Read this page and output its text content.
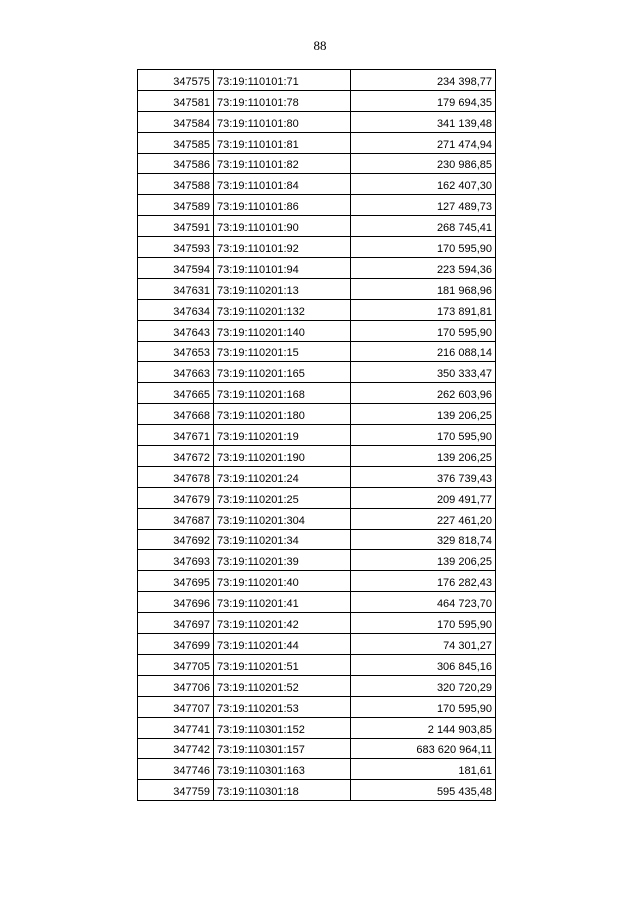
88
347575	73:19:110101:71	234 398,77
347581	73:19:110101:78	179 694,35
347584	73:19:110101:80	341 139,48
347585	73:19:110101:81	271 474,94
347586	73:19:110101:82	230 986,85
347588	73:19:110101:84	162 407,30
347589	73:19:110101:86	127 489,73
347591	73:19:110101:90	268 745,41
347593	73:19:110101:92	170 595,90
347594	73:19:110101:94	223 594,36
347631	73:19:110201:13	181 968,96
347634	73:19:110201:132	173 891,81
347643	73:19:110201:140	170 595,90
347653	73:19:110201:15	216 088,14
347663	73:19:110201:165	350 333,47
347665	73:19:110201:168	262 603,96
347668	73:19:110201:180	139 206,25
347671	73:19:110201:19	170 595,90
347672	73:19:110201:190	139 206,25
347678	73:19:110201:24	376 739,43
347679	73:19:110201:25	209 491,77
347687	73:19:110201:304	227 461,20
347692	73:19:110201:34	329 818,74
347693	73:19:110201:39	139 206,25
347695	73:19:110201:40	176 282,43
347696	73:19:110201:41	464 723,70
347697	73:19:110201:42	170 595,90
347699	73:19:110201:44	74 301,27
347705	73:19:110201:51	306 845,16
347706	73:19:110201:52	320 720,29
347707	73:19:110201:53	170 595,90
347741	73:19:110301:152	2 144 903,85
347742	73:19:110301:157	683 620 964,11
347746	73:19:110301:163	181,61
347759	73:19:110301:18	595 435,48
